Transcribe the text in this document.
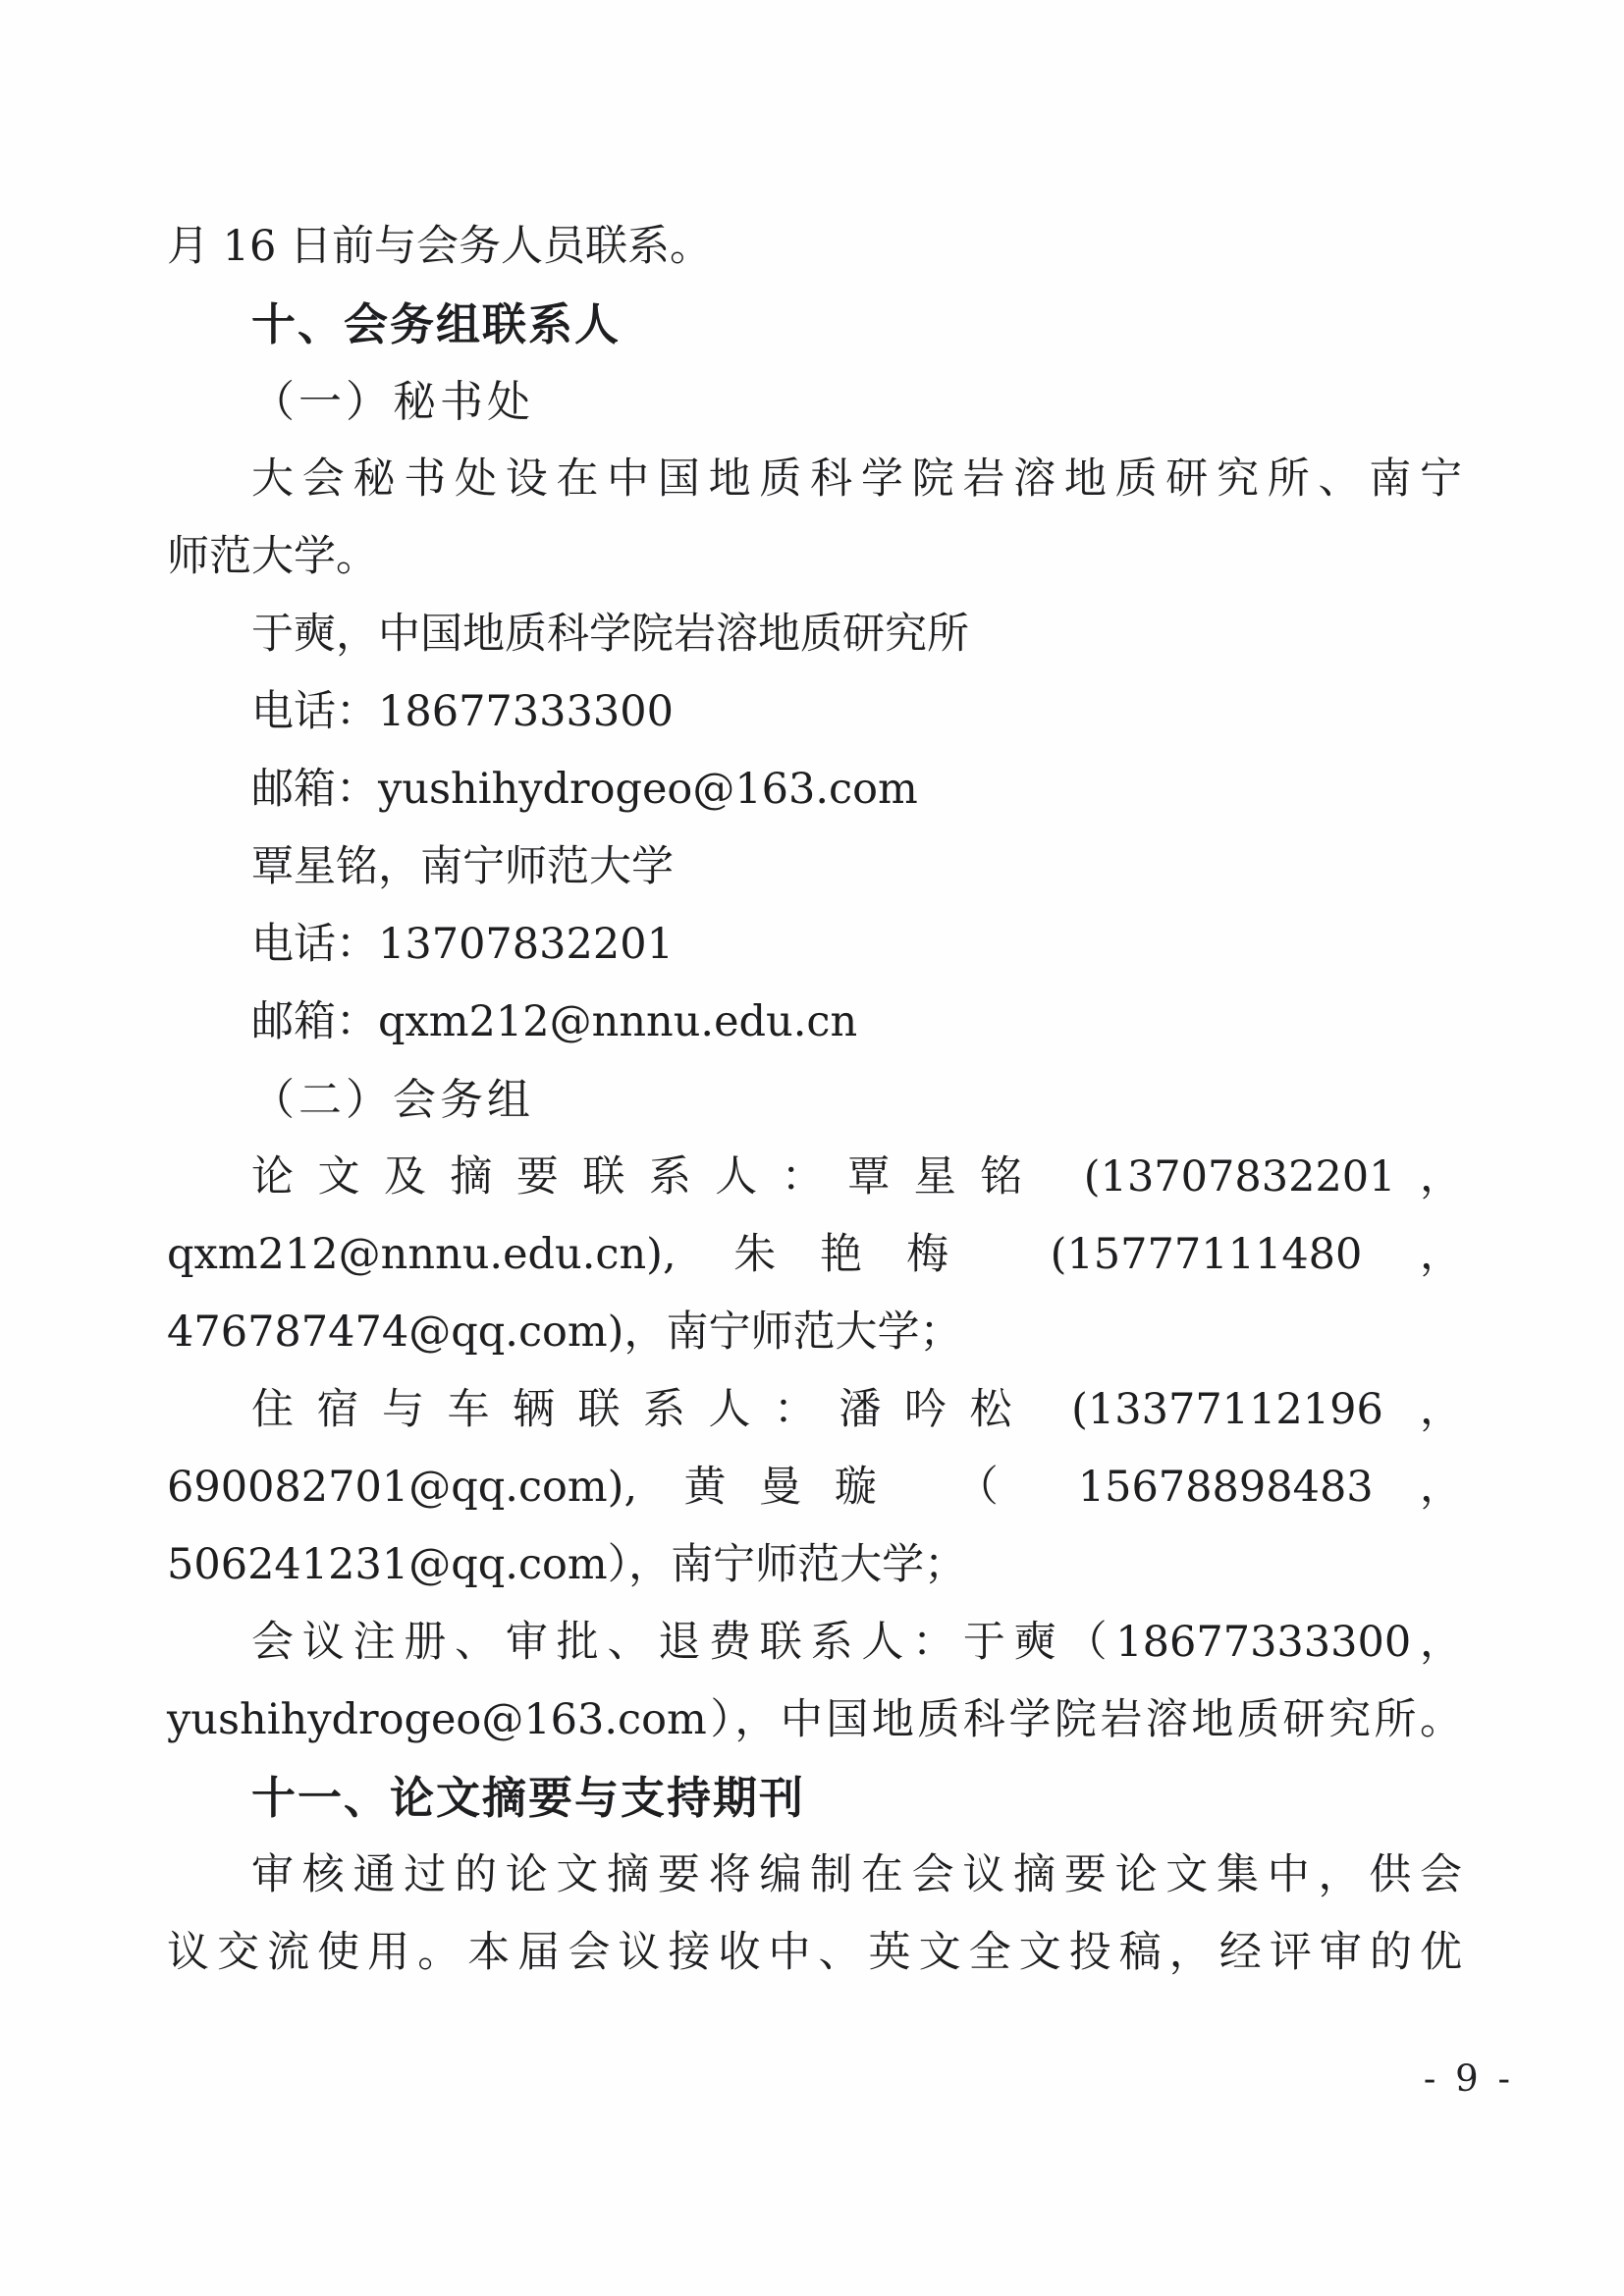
月 16 日前与会务人员联系。
十、会务组联系人
（一）秘书处
大会秘书处设在中国地质科学院岩溶地质研究所、南宁
师范大学。
于奭，中国地质科学院岩溶地质研究所
电话：18677333300
邮箱：yushihydrogeo@163.com
覃星铭，南宁师范大学
电话：13707832201
邮箱：qxm212@nnnu.edu.cn
（二）会务组
论文及摘要联系人：覃星铭 (13707832201，
qxm212@nnnu.edu.cn), 朱艳梅 (15777111480 ，
476787474@qq.com)，南宁师范大学；
住宿与车辆联系人：潘吟松 (13377112196 ，
690082701@qq.com), 黄曼璇 （ 15678898483 ，
506241231@qq.com），南宁师范大学；
会议注册、审批、退费联系人：于奭（18677333300，
yushihydrogeo@163.com），中国地质科学院岩溶地质研究所。
十一、论文摘要与支持期刊
审核通过的论文摘要将编制在会议摘要论文集中，供会
议交流使用。本届会议接收中、英文全文投稿，经评审的优
- 9 -
